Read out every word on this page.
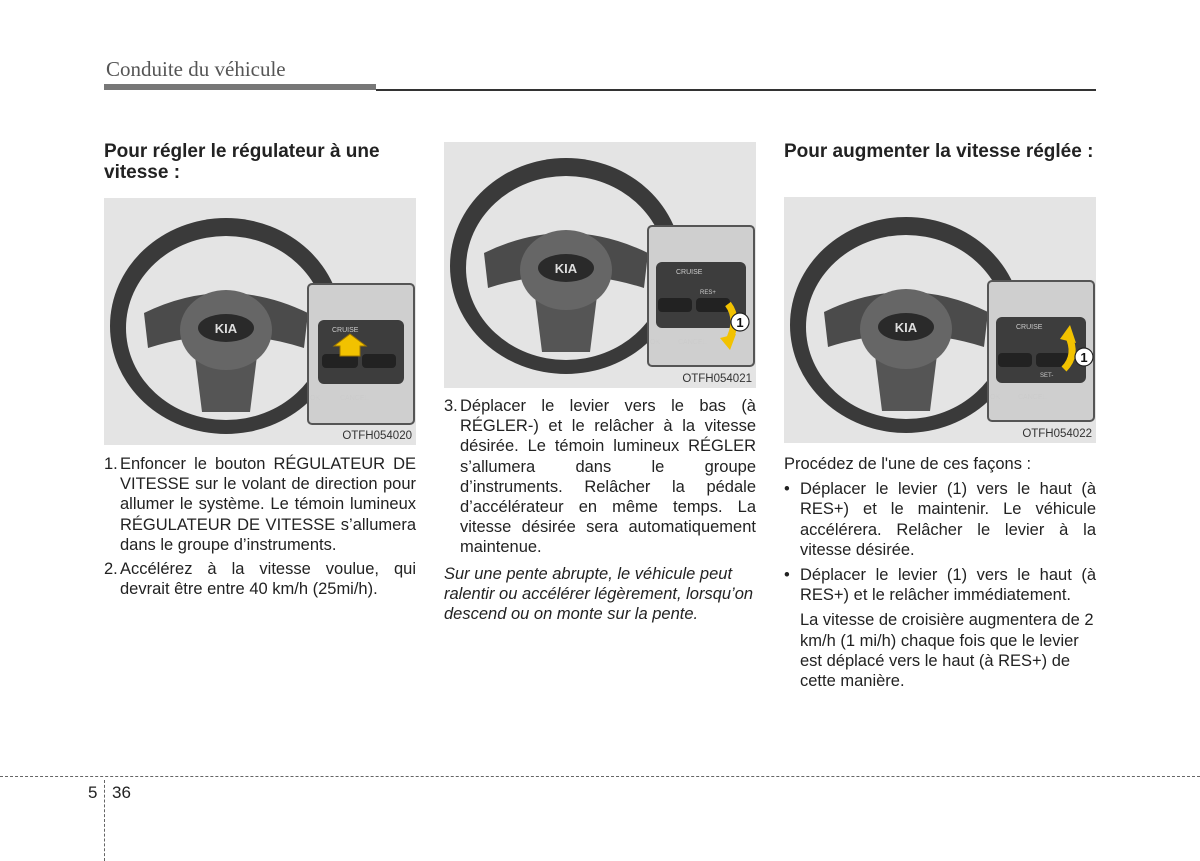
Conduite du véhicule
Pour régler le régulateur à une vitesse :
KIA	CRUISE
OK	CANCEL
OTFH054020
1. Enfoncer le bouton RÉGULATEUR DE VITESSE sur le volant de direction pour allumer le système. Le témoin lumineux RÉGULATEUR DE VITESSE s’allumera dans le groupe d’instruments.
2. Accélérez à la vitesse voulue, qui devrait être entre 40 km/h (25mi/h).
KIA	CRUISE
RES+
OK	CANCEL
1
OTFH054021
3. Déplacer le levier vers le bas (à RÉGLER-) et le relâcher à la vitesse désirée. Le témoin lumineux RÉGLER s’allumera dans le groupe d’instruments. Relâcher la pédale d’accélérateur en même temps. La vitesse désirée sera automatiquement maintenue.

Sur une pente abrupte, le véhicule peut ralentir ou accélérer légèrement, lorsqu’on descend ou on monte sur la pente.

Pour augmenter la vitesse réglée :
KIA	CRUISE
SET-
OK	CANCEL
1
OTFH054022

Procédez de l'une de ces façons :

• Déplacer le levier (1) vers le haut (à RES+) et le maintenir. Le véhicule accélérera. Relâcher le levier à la vitesse désirée.
• Déplacer le levier (1) vers le haut (à RES+) et le relâcher immédiatement.

La vitesse de croisière augmentera de 2 km/h (1 mi/h) chaque fois que le levier est déplacé vers le haut (à RES+) de cette manière.

5 36
